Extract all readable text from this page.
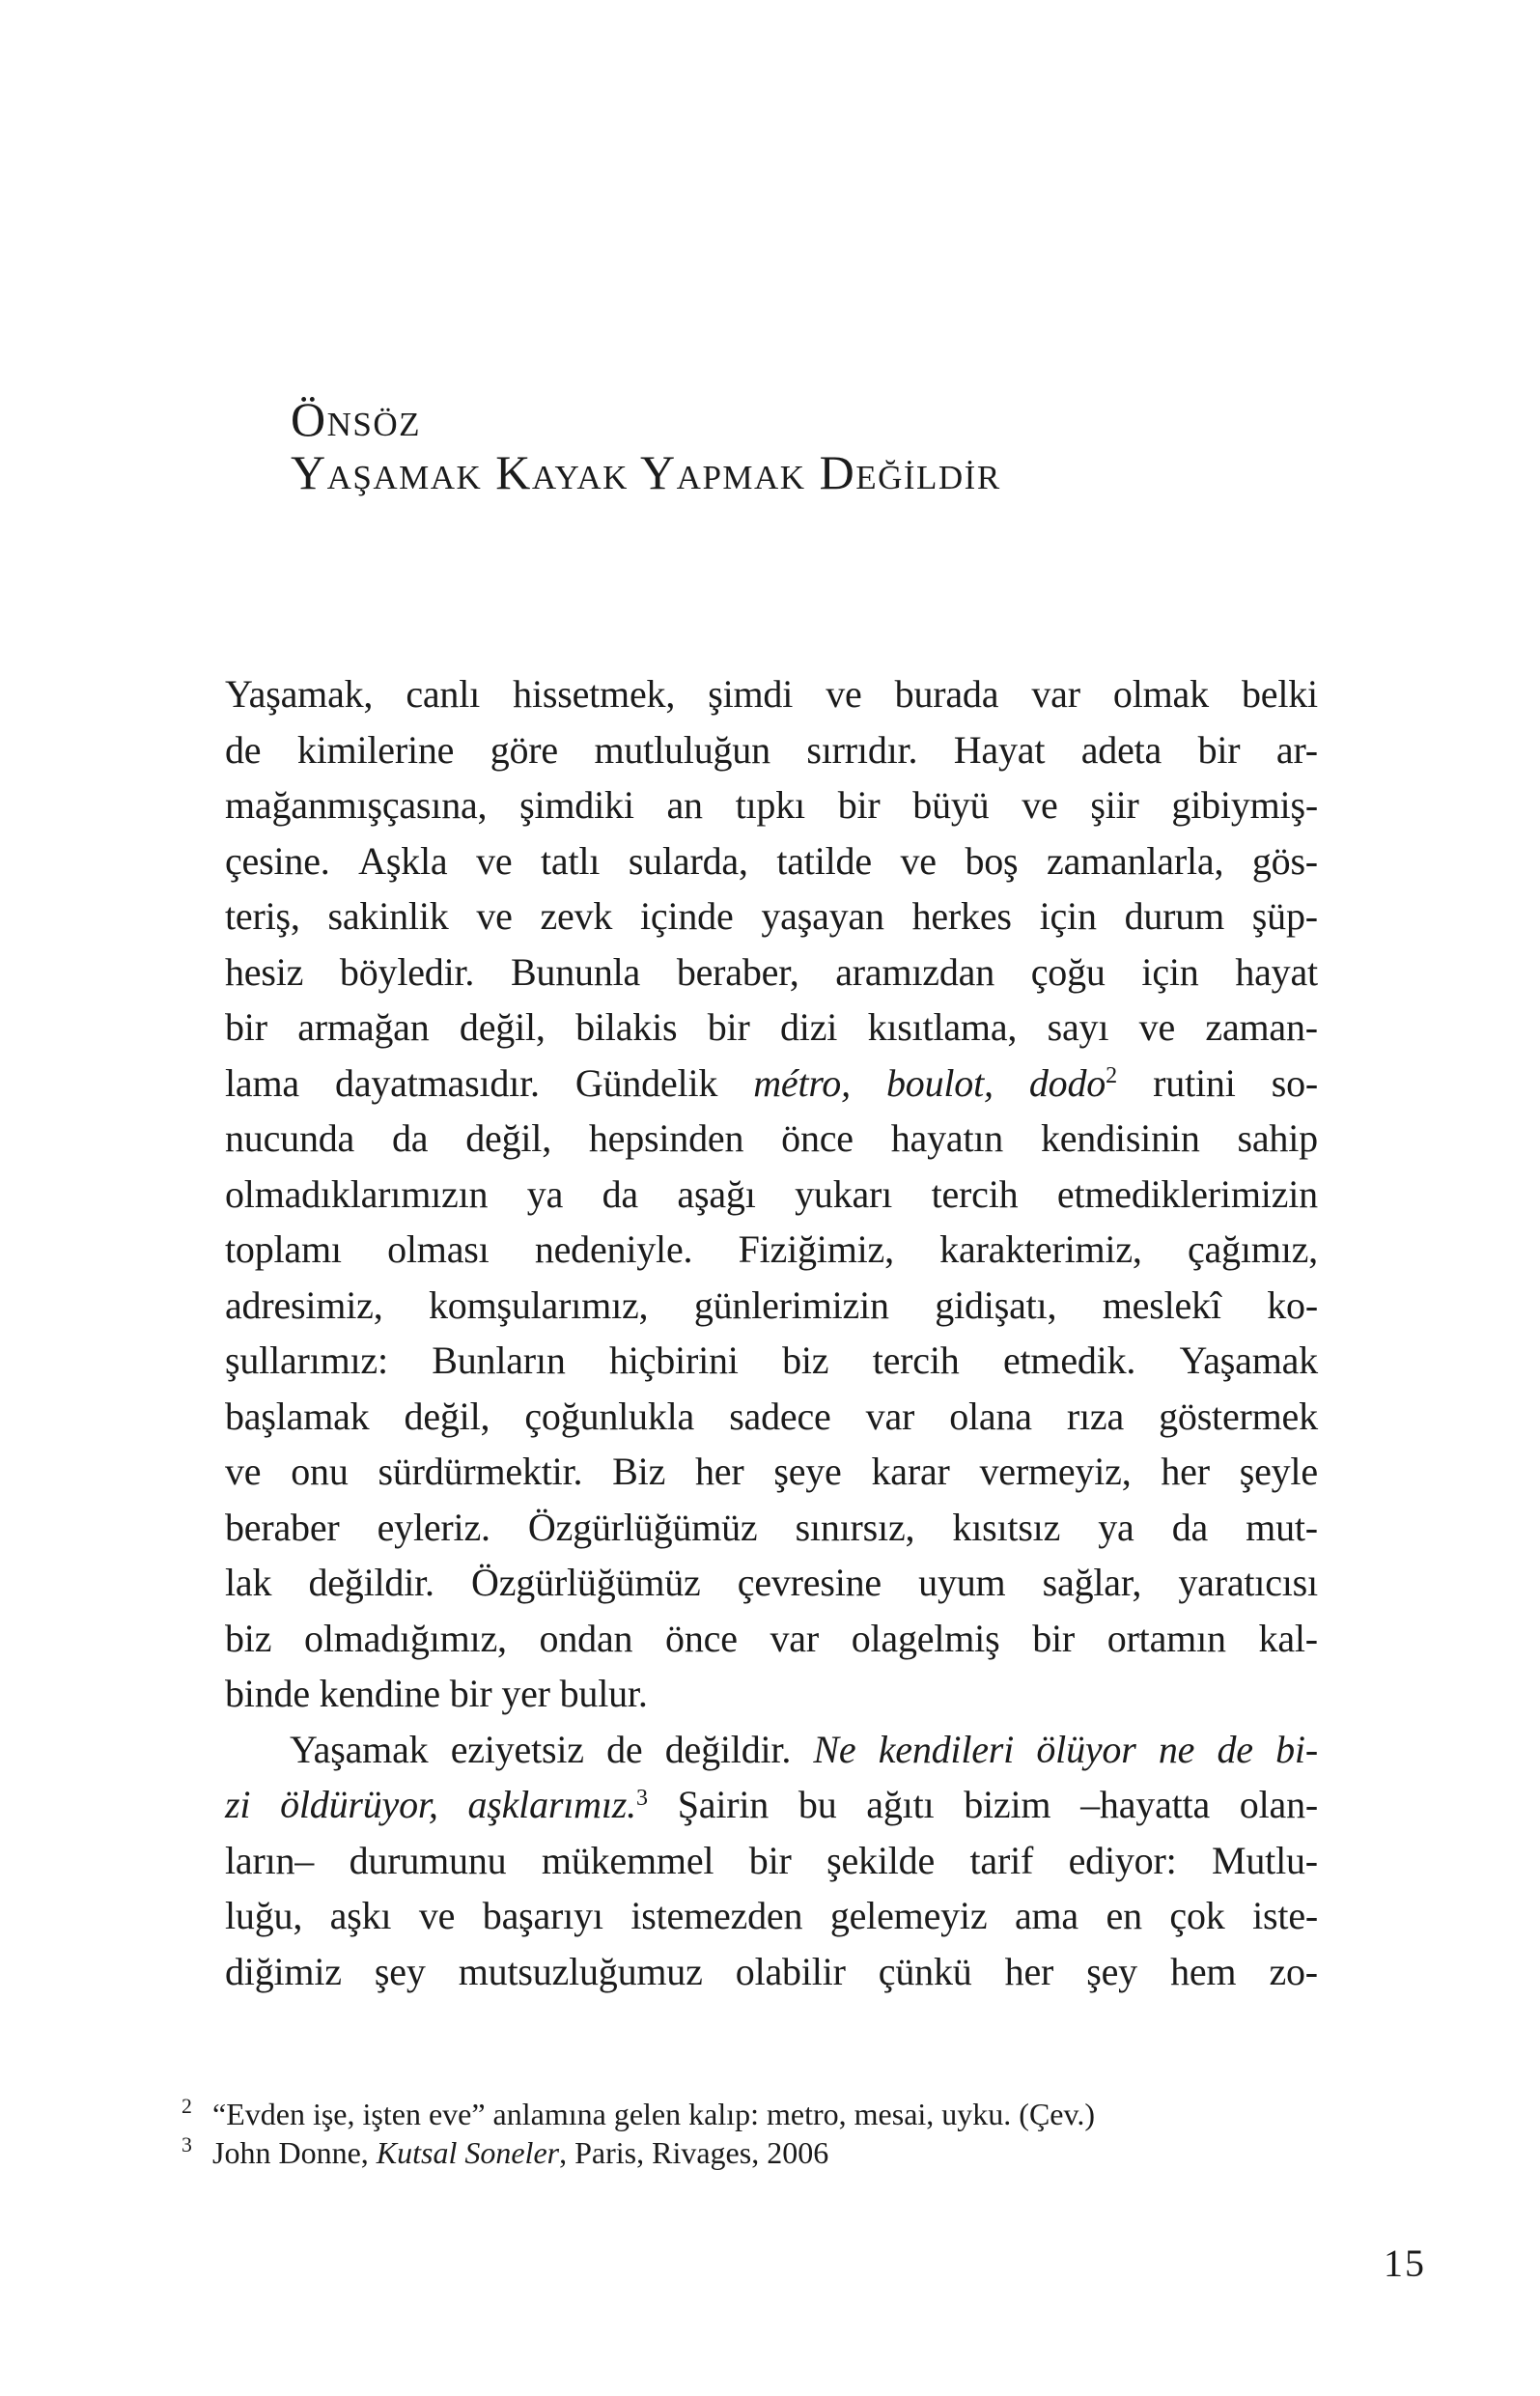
Önsöz
Yaşamak Kayak Yapmak Değildir
Yaşamak, canlı hissetmek, şimdi ve burada var olmak belki
de kimilerine göre mutluluğun sırrıdır. Hayat adeta bir ar-
mağanmışçasına, şimdiki an tıpkı bir büyü ve şiir gibiymiş-
çesine. Aşkla ve tatlı sularda, tatilde ve boş zamanlarla, gös-
teriş, sakinlik ve zevk içinde yaşayan herkes için durum şüp-
hesiz böyledir. Bununla beraber, aramızdan çoğu için hayat
bir armağan değil, bilakis bir dizi kısıtlama, sayı ve zaman-
lama dayatmasıdır. Gündelik métro, boulot, dodo$^2$ rutini so-
nucunda da değil, hepsinden önce hayatın kendisinin sahip
olmadıklarımızın ya da aşağı yukarı tercih etmediklerimizin
toplamı olması nedeniyle. Fiziğimiz, karakterimiz, çağımız,
adresimiz, komşularımız, günlerimizin gidişatı, meslekî ko-
şullarımız: Bunların hiçbirini biz tercih etmedik. Yaşamak
başlamak değil, çoğunlukla sadece var olana rıza göstermek
ve onu sürdürmektir. Biz her şeye karar vermeyiz, her şeyle
beraber eyleriz. Özgürlüğümüz sınırsız, kısıtsız ya da mut-
lak değildir. Özgürlüğümüz çevresine uyum sağlar, yaratıcısı
biz olmadığımız, ondan önce var olagelmiş bir ortamın kal-
binde kendine bir yer bulur.
Yaşamak eziyetsiz de değildir. Ne kendileri ölüyor ne de bi-
zi öldürüyor, aşklarımız.$^3$ Şairin bu ağıtı bizim –hayatta olan-
ların– durumunu mükemmel bir şekilde tarif ediyor: Mutlu-
luğu, aşkı ve başarıyı istemezden gelemeyiz ama en çok iste-
diğimiz şey mutsuzluğumuz olabilir çünkü her şey hem zo-
2 “Evden işe, işten eve” anlamına gelen kalıp: metro, mesai, uyku. (Çev.)
3 John Donne, Kutsal Soneler, Paris, Rivages, 2006
15
